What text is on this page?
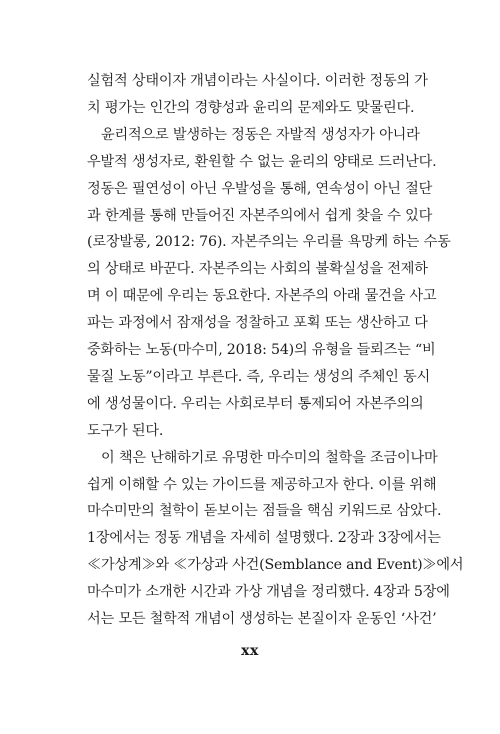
실험적 상태이자 개념이라는 사실이다. 이러한 정동의 가
치 평가는 인간의 경향성과 윤리의 문제와도 맞물린다.
윤리적으로 발생하는 정동은 자발적 생성자가 아니라
우발적 생성자로, 환원할 수 없는 윤리의 양태로 드러난다.
정동은 필연성이 아닌 우발성을 통해, 연속성이 아닌 절단
과 한계를 통해 만들어진 자본주의에서 쉽게 찾을 수 있다
(로장발롱, 2012: 76). 자본주의는 우리를 욕망케 하는 수동
의 상태로 바꾼다. 자본주의는 사회의 불확실성을 전제하
며 이 때문에 우리는 동요한다. 자본주의 아래 물건을 사고
파는 과정에서 잠재성을 정찰하고 포획 또는 생산하고 다
중화하는 노동(마수미, 2018: 54)의 유형을 들뢰즈는 “비
물질 노동”이라고 부른다. 즉, 우리는 생성의 주체인 동시
에 생성물이다. 우리는 사회로부터 통제되어 자본주의의
도구가 된다.
이 책은 난해하기로 유명한 마수미의 철학을 조금이나마
쉽게 이해할 수 있는 가이드를 제공하고자 한다. 이를 위해
마수미만의 철학이 돋보이는 점들을 핵심 키워드로 삼았다.
1장에서는 정동 개념을 자세히 설명했다. 2장과 3장에서는
≪가상계≫와 ≪가상과 사건(Semblance and Event)≫에서
마수미가 소개한 시간과 가상 개념을 정리했다. 4장과 5장에
서는 모든 철학적 개념이 생성하는 본질이자 운동인 ‘사건’
xx
